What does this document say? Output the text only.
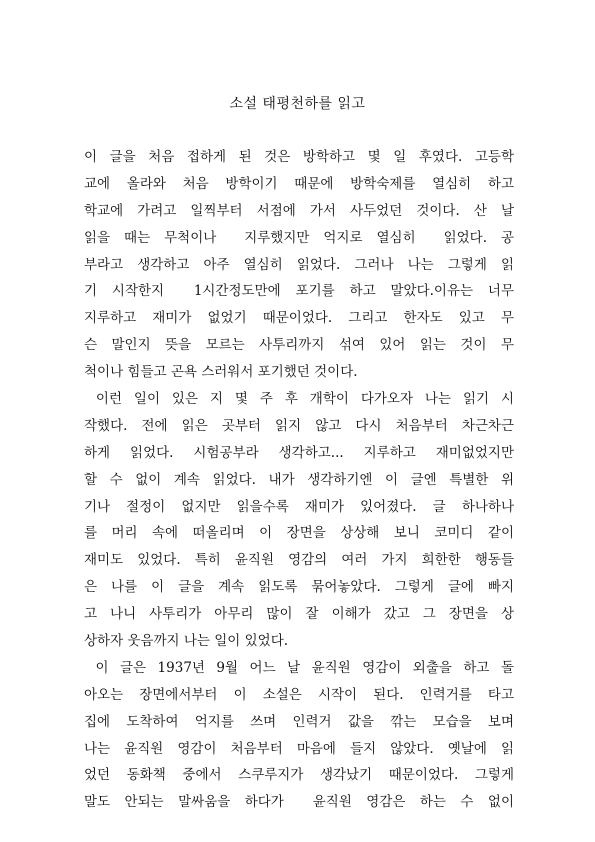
소설 태평천하를 읽고
이 글을 처음 접하게 된 것은 방학하고 몇 일 후였다. 고등학
교에 올라와 처음 방학이기 때문에 방학숙제를 열심히 하고
학교에 가려고 일찍부터 서점에 가서 사두었던 것이다. 산 날
읽을 때는 무척이나  지루했지만 억지로 열심히  읽었다. 공
부라고 생각하고 아주 열심히 읽었다. 그러나 나는 그렇게 읽
기 시작한지  1시간정도만에 포기를 하고 말았다.이유는 너무
지루하고 재미가 없었기 때문이었다. 그리고 한자도 있고 무
슨 말인지 뜻을 모르는 사투리까지 섞여 있어 읽는 것이 무
척이나 힘들고 곤욕 스러워서 포기했던 것이다.
이런 일이 있은 지 몇 주 후 개학이 다가오자 나는 읽기 시
작했다. 전에 읽은 곳부터 읽지 않고 다시 처음부터 차근차근
하게 읽었다. 시험공부라 생각하고... 지루하고 재미없었지만
할 수 없이 계속 읽었다. 내가 생각하기엔 이 글엔 특별한 위
기나 절정이 없지만 읽을수록 재미가 있어졌다. 글 하나하나
를 머리 속에 떠올리며 이 장면을 상상해 보니 코미디 같이
재미도 있었다. 특히 윤직원 영감의 여러 가지 희한한 행동들
은 나를 이 글을 계속 읽도록 묶어놓았다. 그렇게 글에 빠지
고 나니 사투리가 아무리 많이 잘 이해가 갔고 그 장면을 상
상하자 웃음까지 나는 일이 있었다.
이 글은 1937년 9월 어느 날 윤직원 영감이 외출을 하고 돌
아오는 장면에서부터 이 소설은 시작이 된다. 인력거를 타고
집에 도착하여 억지를 쓰며 인력거 값을 깎는 모습을 보며
나는 윤직원 영감이 처음부터 마음에 들지 않았다. 옛날에 읽
었던 동화책 중에서 스쿠루지가 생각났기 때문이었다. 그렇게
말도 안되는 말싸움을 하다가  윤직원 영감은 하는 수 없이
